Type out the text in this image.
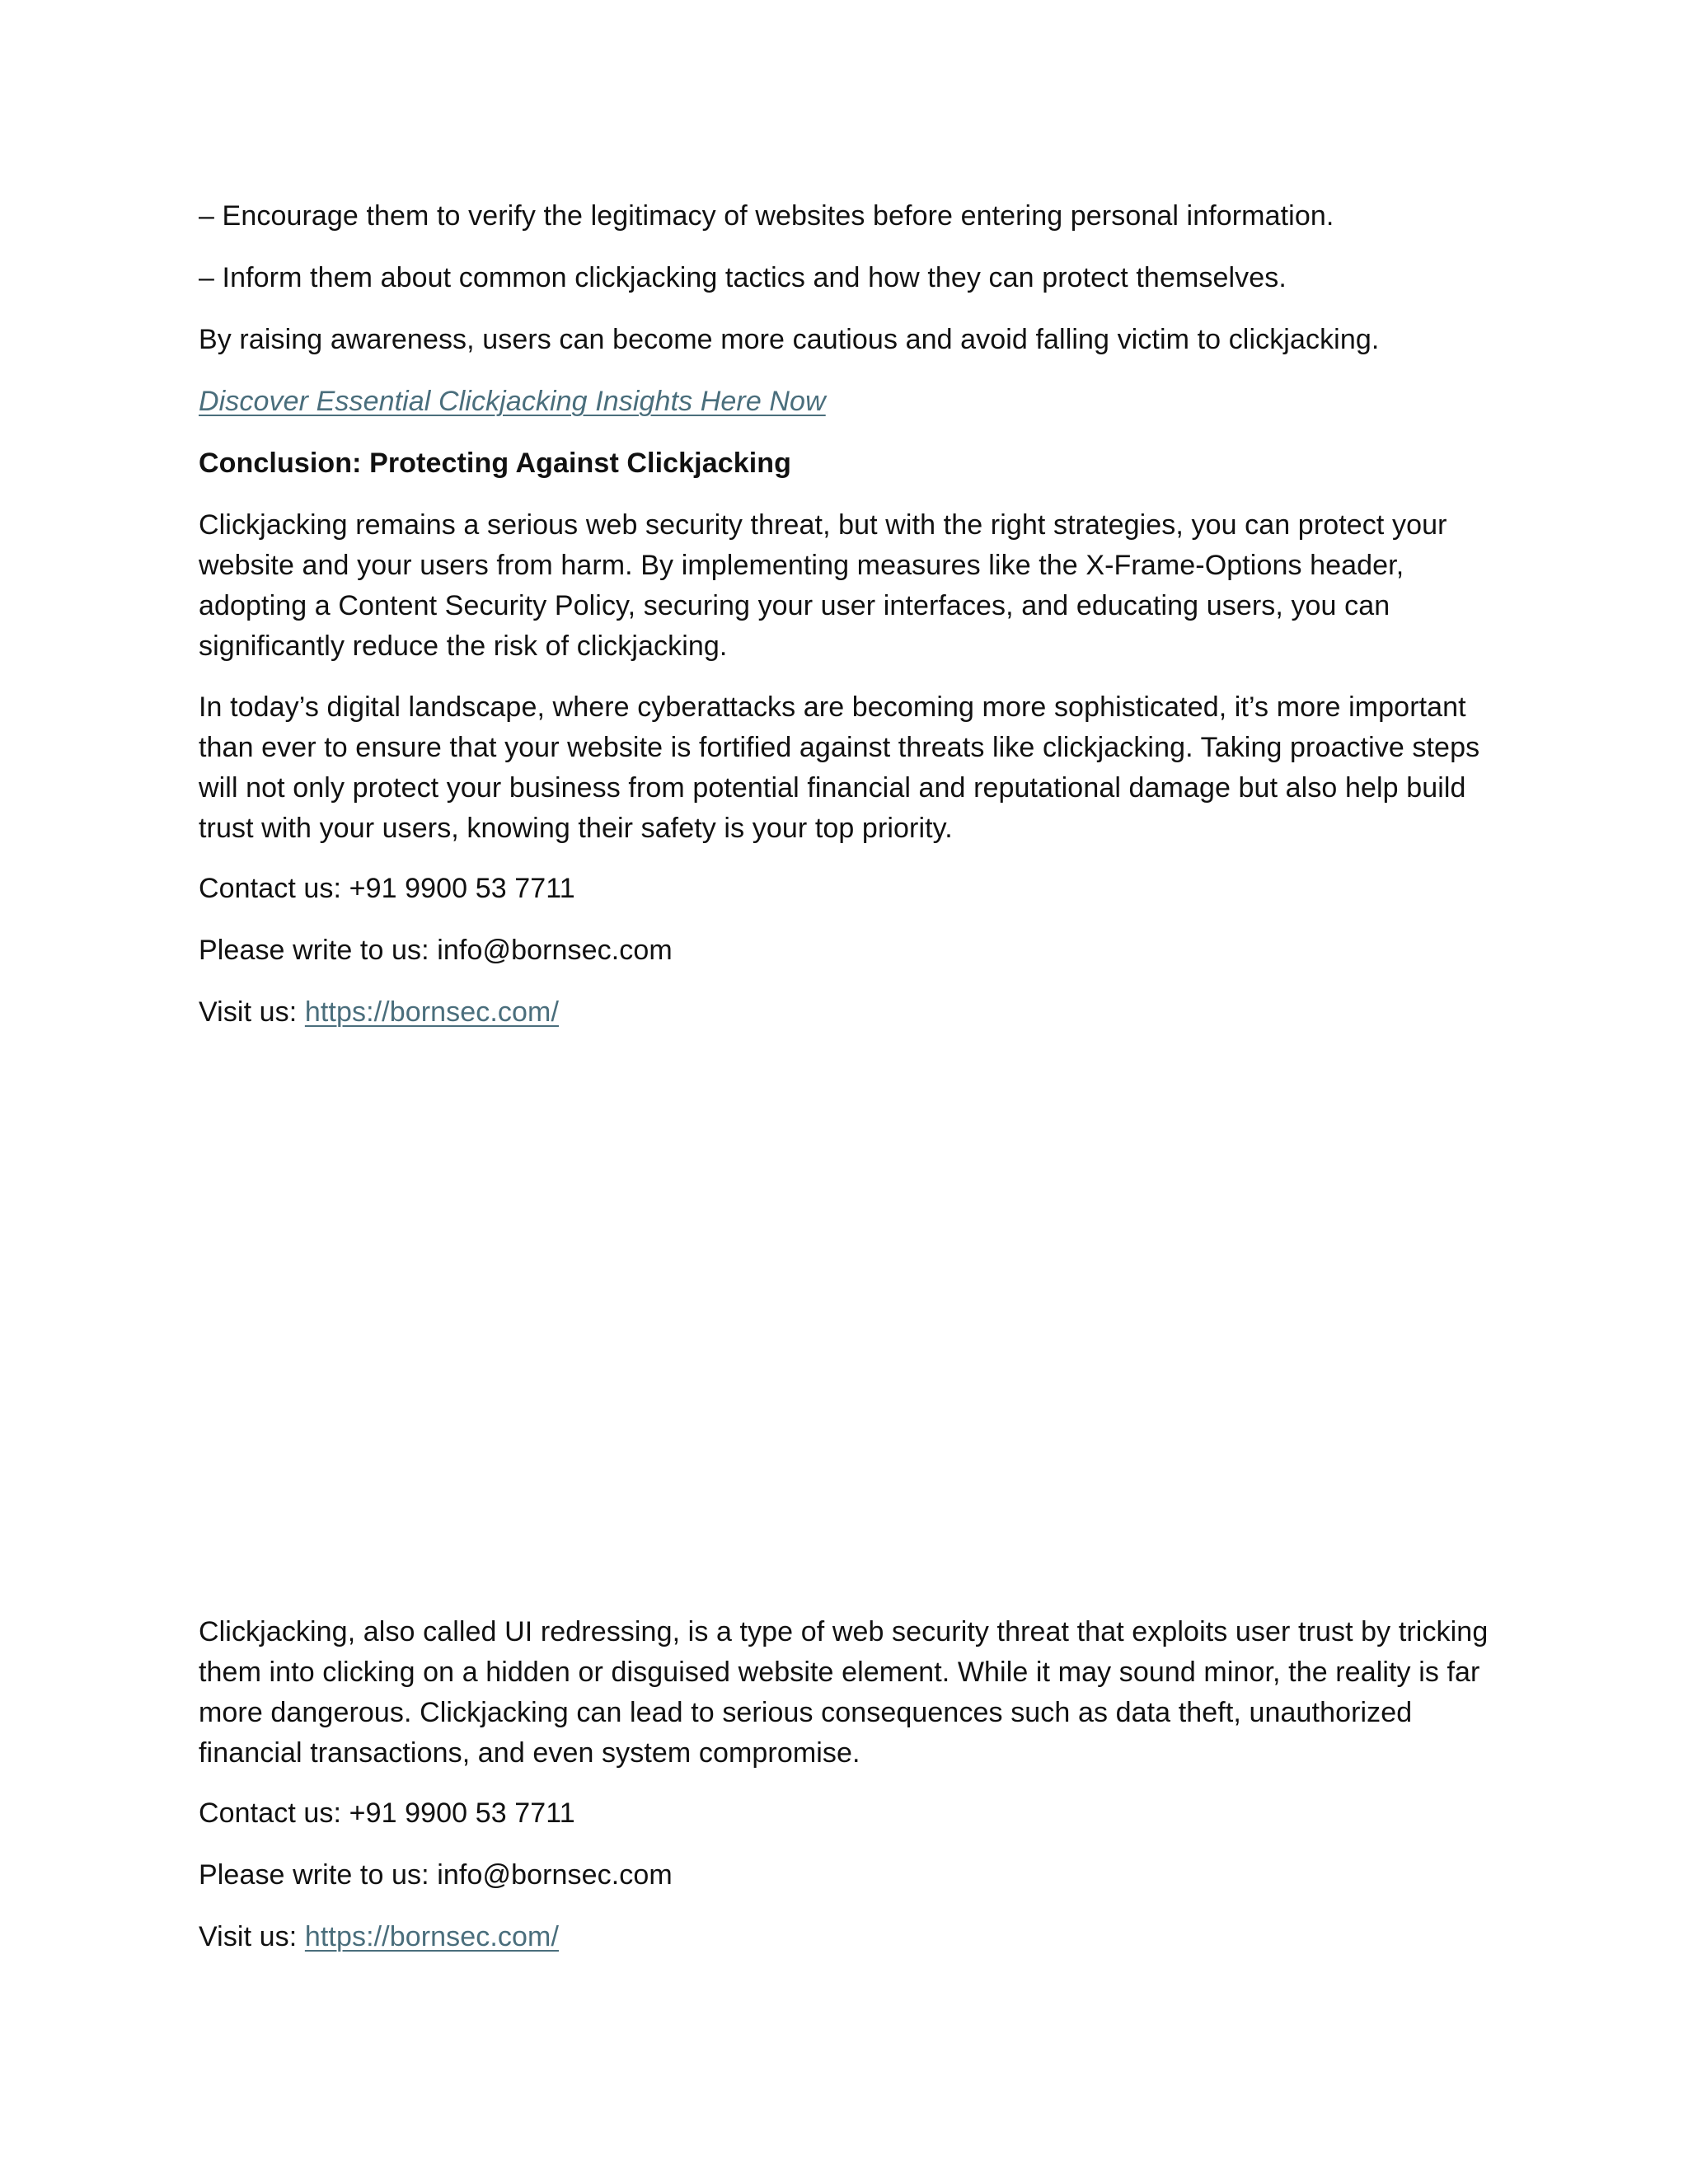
– Encourage them to verify the legitimacy of websites before entering personal information.

– Inform them about common clickjacking tactics and how they can protect themselves.

By raising awareness, users can become more cautious and avoid falling victim to clickjacking.

Discover Essential Clickjacking Insights Here Now

Conclusion: Protecting Against Clickjacking

Clickjacking remains a serious web security threat, but with the right strategies, you can protect your website and your users from harm. By implementing measures like the X-Frame-Options header, adopting a Content Security Policy, securing your user interfaces, and educating users, you can significantly reduce the risk of clickjacking.

In today’s digital landscape, where cyberattacks are becoming more sophisticated, it’s more important than ever to ensure that your website is fortified against threats like clickjacking. Taking proactive steps will not only protect your business from potential financial and reputational damage but also help build trust with your users, knowing their safety is your top priority.

Contact us: +91 9900 53 7711

Please write to us: info@bornsec.com

Visit us: https://bornsec.com/

Clickjacking, also called UI redressing, is a type of web security threat that exploits user trust by tricking them into clicking on a hidden or disguised website element. While it may sound minor, the reality is far more dangerous. Clickjacking can lead to serious consequences such as data theft, unauthorized financial transactions, and even system compromise.

Contact us: +91 9900 53 7711

Please write to us: info@bornsec.com

Visit us: https://bornsec.com/
